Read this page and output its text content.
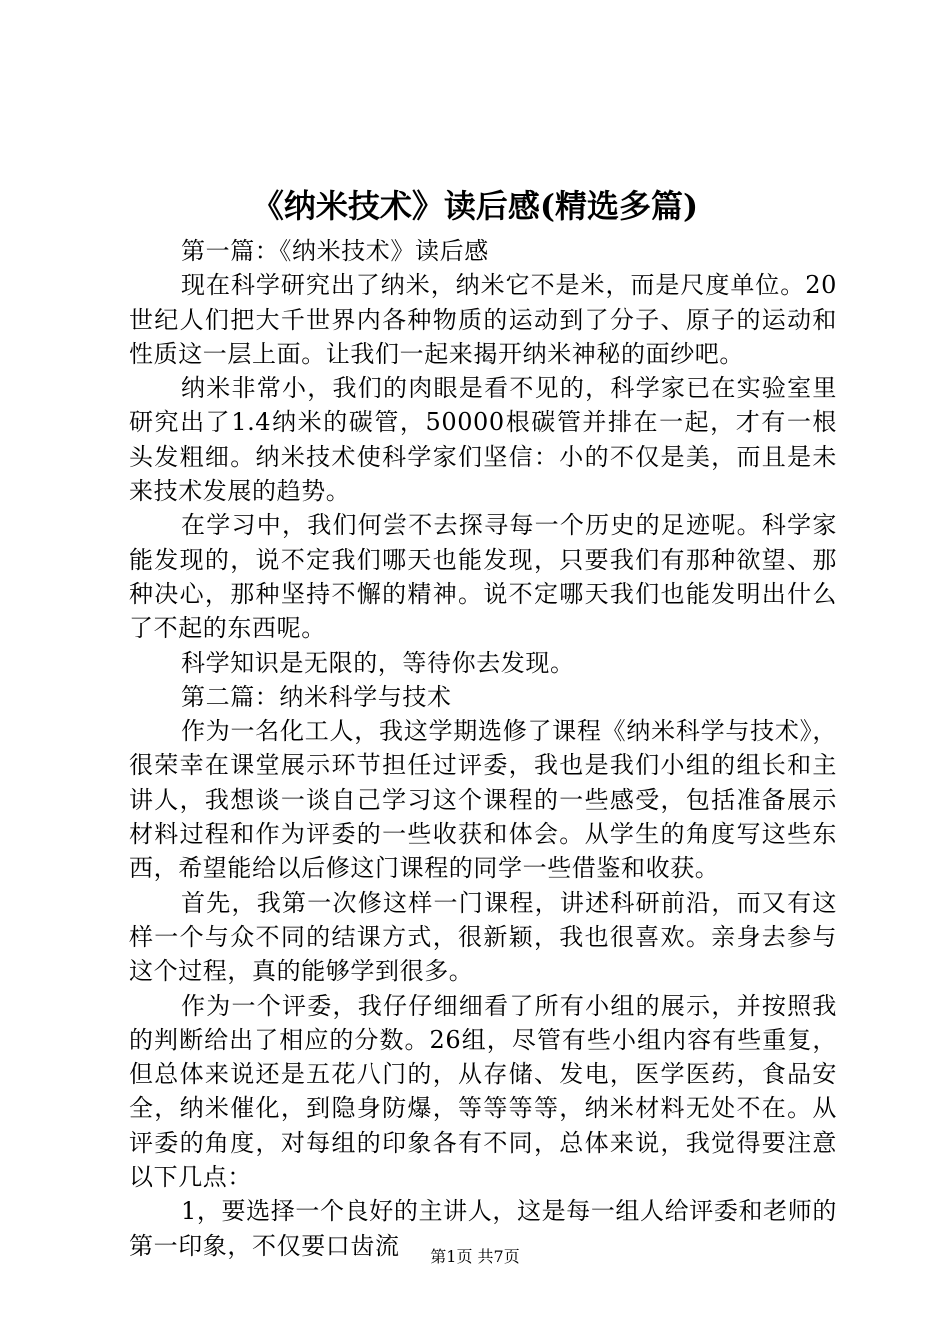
《纳米技术》读后感(精选多篇)

第一篇：《纳米技术》读后感

现在科学研究出了纳米，纳米它不是米，而是尺度单位。20世纪人们把大千世界内各种物质的运动到了分子、原子的运动和性质这一层上面。让我们一起来揭开纳米神秘的面纱吧。

纳米非常小，我们的肉眼是看不见的，科学家已在实验室里研究出了1.4纳米的碳管，50000根碳管并排在一起，才有一根头发粗细。纳米技术使科学家们坚信：小的不仅是美，而且是未来技术发展的趋势。

在学习中，我们何尝不去探寻每一个历史的足迹呢。科学家能发现的，说不定我们哪天也能发现，只要我们有那种欲望、那种决心，那种坚持不懈的精神。说不定哪天我们也能发明出什么了不起的东西呢。

科学知识是无限的，等待你去发现。

第二篇：纳米科学与技术

作为一名化工人，我这学期选修了课程《纳米科学与技术》，很荣幸在课堂展示环节担任过评委，我也是我们小组的组长和主讲人，我想谈一谈自己学习这个课程的一些感受，包括准备展示材料过程和作为评委的一些收获和体会。从学生的角度写这些东西，希望能给以后修这门课程的同学一些借鉴和收获。

首先，我第一次修这样一门课程，讲述科研前沿，而又有这样一个与众不同的结课方式，很新颖，我也很喜欢。亲身去参与这个过程，真的能够学到很多。

作为一个评委，我仔仔细细看了所有小组的展示，并按照我的判断给出了相应的分数。26组，尽管有些小组内容有些重复，但总体来说还是五花八门的，从存储、发电，医学医药，食品安全，纳米催化，到隐身防爆，等等等等，纳米材料无处不在。从评委的角度，对每组的印象各有不同，总体来说，我觉得要注意以下几点：

1，要选择一个良好的主讲人，这是每一组人给评委和老师的第一印象，不仅要口齿流	第1页 共7页
